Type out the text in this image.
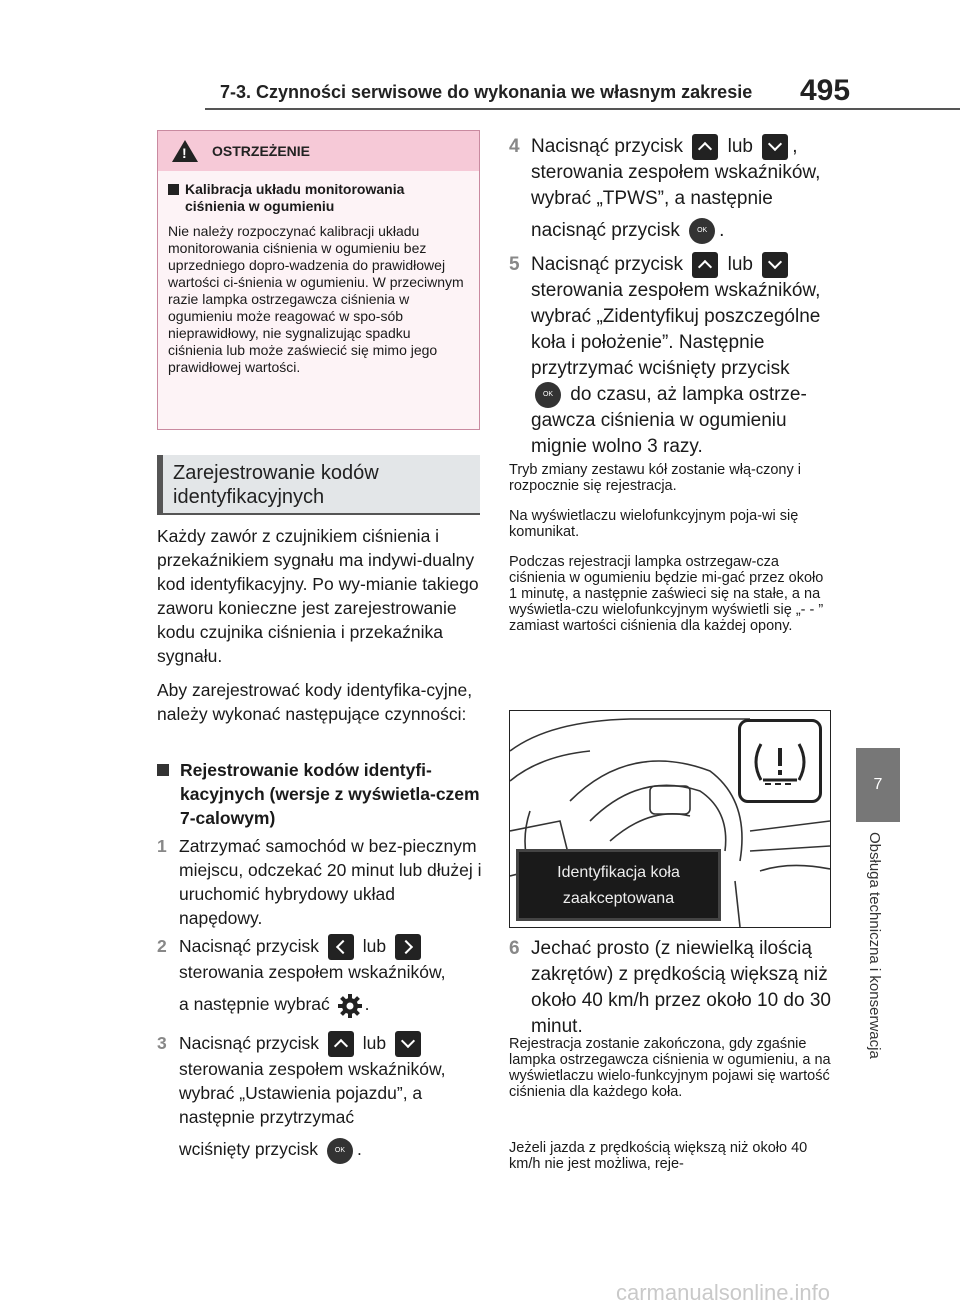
7-3. Czynności serwisowe do wykonania we własnym zakresie 495
7
Obsługa techniczna i konserwacja
!
OSTRZEŻENIE
Kalibracja układu monitorowania ciśnienia w ogumieniu
Nie należy rozpoczynać kalibracji układu monitorowania ciśnienia w ogumieniu bez uprzedniego dopro-wadzenia do prawidłowej wartości ci-śnienia w ogumieniu. W przeciwnym razie lampka ostrzegawcza ciśnienia w ogumieniu może reagować w spo-sób nieprawidłowy, nie sygnalizując spadku ciśnienia lub może zaświecić się mimo jego prawidłowej wartości.
Zarejestrowanie kodów identyfikacyjnych
Każdy zawór z czujnikiem ciśnienia i przekaźnikiem sygnału ma indywi-dualny kod identyfikacyjny. Po wy-mianie takiego zaworu konieczne jest zarejestrowanie kodu czujnika ciśnienia i przekaźnika sygnału.
Aby zarejestrować kody identyfika-cyjne, należy wykonać następujące czynności:
Rejestrowanie kodów identyfi-kacyjnych (wersje z wyświetla-czem 7-calowym)
1 Zatrzymać samochód w bez-piecznym miejscu, odczekać 20 minut lub dłużej i uruchomić hybrydowy układ napędowy.
2 Nacisnąć przycisk	lub
sterowania zespołem wskaźników,
a następnie wybrać .
3 Nacisnąć przycisk	lub
sterowania zespołem wskaźników, wybrać „Ustawienia pojazdu”, a następnie przytrzymać
wciśnięty przycisk OK .
4 Nacisnąć przycisk lub ,
sterowania zespołem wskaźników, wybrać „TPWS”, a następnie
nacisnąć przycisk OK .
5 Nacisnąć przycisk lub
sterowania zespołem wskaźników, wybrać „Zidentyfikuj poszczególne koła i położenie”. Następnie przytrzymać wciśnięty przycisk
OK do czasu, aż lampka ostrze-gawcza ciśnienia w ogumieniu mignie wolno 3 razy.
Tryb zmiany zestawu kół zostanie włą-czony i rozpocznie się rejestracja.
Na wyświetlaczu wielofunkcyjnym poja-wi się komunikat.
Podczas rejestracji lampka ostrzegaw-cza ciśnienia w ogumieniu będzie mi-gać przez około 1 minutę, a następnie zaświeci się na stałe, a na wyświetla-czu wielofunkcyjnym wyświetli się „- - ” zamiast wartości ciśnienia dla każdej opony.
Identyfikacja koła
zaakceptowana
6 Jechać prosto (z niewielką ilością zakrętów) z prędkością większą niż około 40 km/h przez około 10 do 30 minut.
Rejestracja zostanie zakończona, gdy zgaśnie lampka ostrzegawcza ciśnienia w ogumieniu, a na wyświetlaczu wielo-funkcyjnym pojawi się wartość ciśnienia dla każdego koła.
Jeżeli jazda z prędkością większą niż około 40 km/h nie jest możliwa, reje-
carmanualsonline.info
